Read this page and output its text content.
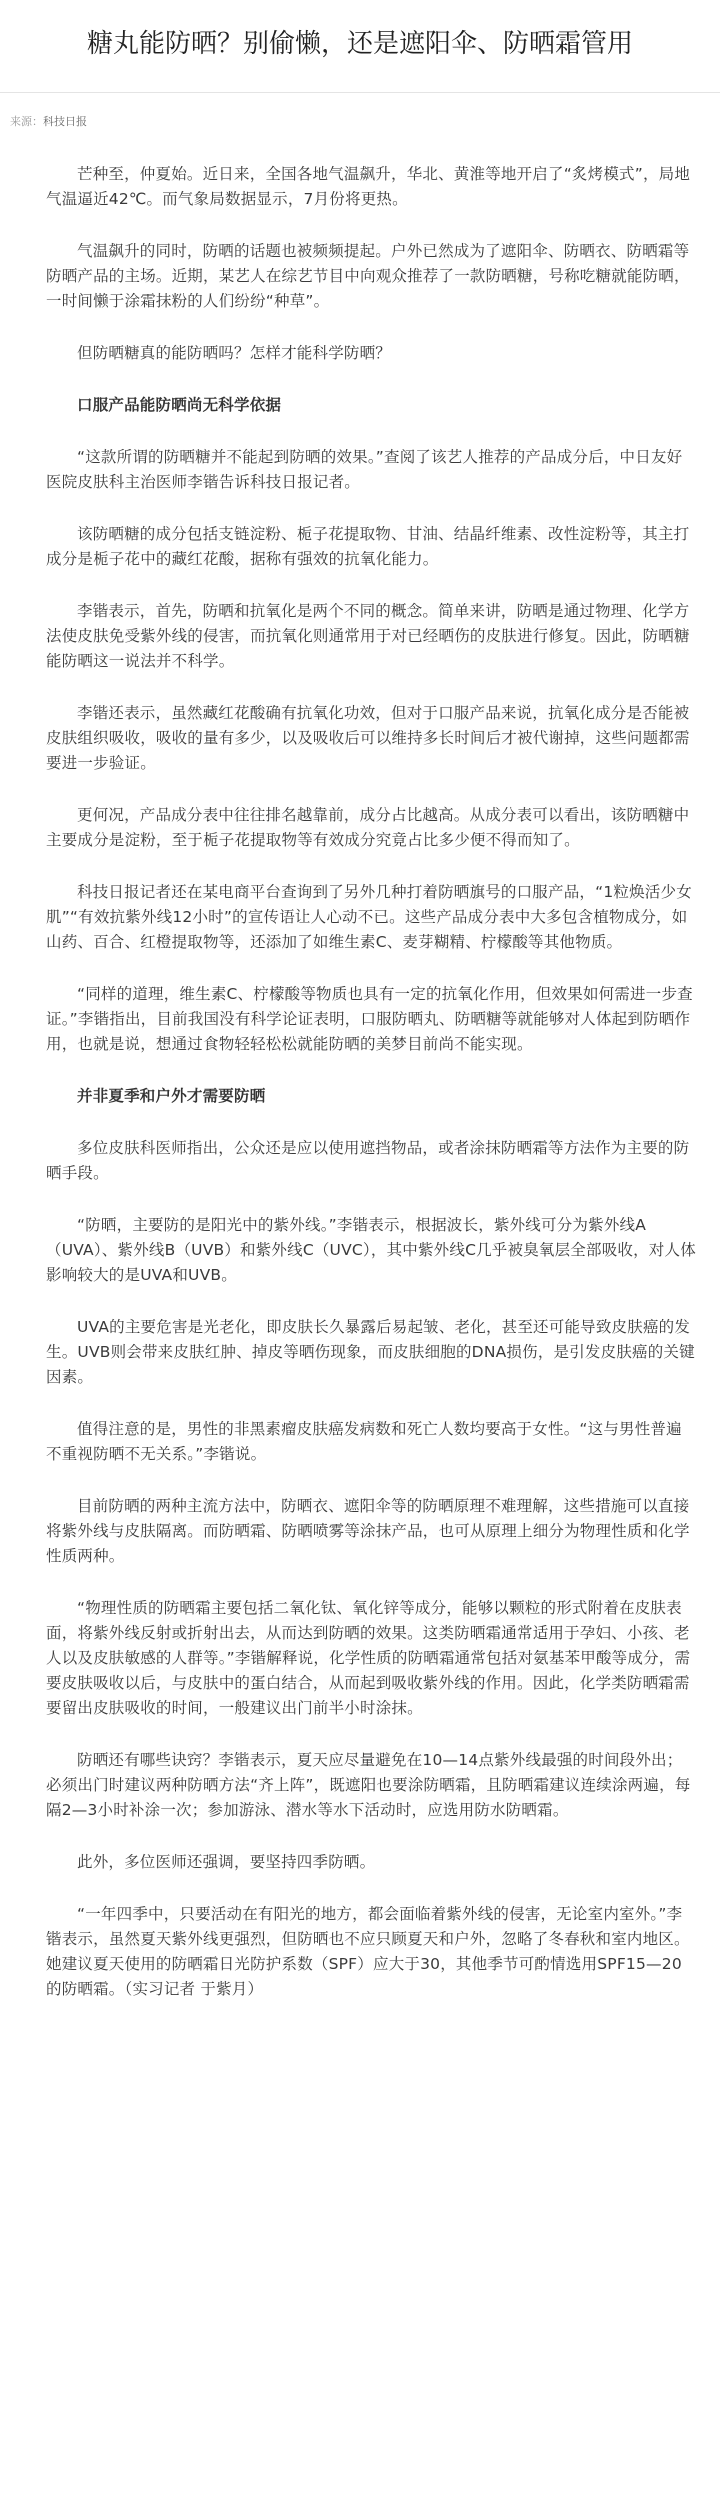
糖丸能防晒？别偷懒，还是遮阳伞、防晒霜管用
来源：科技日报

芒种至，仲夏始。近日来，全国各地气温飙升，华北、黄淮等地开启了“炙烤模式”，局地气温逼近42℃。而气象局数据显示，7月份将更热。

气温飙升的同时，防晒的话题也被频频提起。户外已然成为了遮阳伞、防晒衣、防晒霜等防晒产品的主场。近期，某艺人在综艺节目中向观众推荐了一款防晒糖，号称吃糖就能防晒，一时间懒于涂霜抹粉的人们纷纷“种草”。

但防晒糖真的能防晒吗？怎样才能科学防晒？

口服产品能防晒尚无科学依据

“这款所谓的防晒糖并不能起到防晒的效果。”查阅了该艺人推荐的产品成分后，中日友好医院皮肤科主治医师李锴告诉科技日报记者。

该防晒糖的成分包括支链淀粉、栀子花提取物、甘油、结晶纤维素、改性淀粉等，其主打成分是栀子花中的藏红花酸，据称有强效的抗氧化能力。

李锴表示，首先，防晒和抗氧化是两个不同的概念。简单来讲，防晒是通过物理、化学方法使皮肤免受紫外线的侵害，而抗氧化则通常用于对已经晒伤的皮肤进行修复。因此，防晒糖能防晒这一说法并不科学。

李锴还表示，虽然藏红花酸确有抗氧化功效，但对于口服产品来说，抗氧化成分是否能被皮肤组织吸收，吸收的量有多少，以及吸收后可以维持多长时间后才被代谢掉，这些问题都需要进一步验证。

更何况，产品成分表中往往排名越靠前，成分占比越高。从成分表可以看出，该防晒糖中主要成分是淀粉，至于栀子花提取物等有效成分究竟占比多少便不得而知了。

科技日报记者还在某电商平台查询到了另外几种打着防晒旗号的口服产品，“1粒焕活少女肌”“有效抗紫外线12小时”的宣传语让人心动不已。这些产品成分表中大多包含植物成分，如山药、百合、红橙提取物等，还添加了如维生素C、麦芽糊精、柠檬酸等其他物质。

“同样的道理，维生素C、柠檬酸等物质也具有一定的抗氧化作用，但效果如何需进一步查证。”李锴指出，目前我国没有科学论证表明，口服防晒丸、防晒糖等就能够对人体起到防晒作用，也就是说，想通过食物轻轻松松就能防晒的美梦目前尚不能实现。

并非夏季和户外才需要防晒

多位皮肤科医师指出，公众还是应以使用遮挡物品，或者涂抹防晒霜等方法作为主要的防晒手段。

“防晒，主要防的是阳光中的紫外线。”李锴表示，根据波长，紫外线可分为紫外线A（UVA）、紫外线B（UVB）和紫外线C（UVC），其中紫外线C几乎被臭氧层全部吸收，对人体影响较大的是UVA和UVB。

UVA的主要危害是光老化，即皮肤长久暴露后易起皱、老化，甚至还可能导致皮肤癌的发生。UVB则会带来皮肤红肿、掉皮等晒伤现象，而皮肤细胞的DNA损伤，是引发皮肤癌的关键因素。

值得注意的是，男性的非黑素瘤皮肤癌发病数和死亡人数均要高于女性。“这与男性普遍不重视防晒不无关系。”李锴说。

目前防晒的两种主流方法中，防晒衣、遮阳伞等的防晒原理不难理解，这些措施可以直接将紫外线与皮肤隔离。而防晒霜、防晒喷雾等涂抹产品，也可从原理上细分为物理性质和化学性质两种。

“物理性质的防晒霜主要包括二氧化钛、氧化锌等成分，能够以颗粒的形式附着在皮肤表面，将紫外线反射或折射出去，从而达到防晒的效果。这类防晒霜通常适用于孕妇、小孩、老人以及皮肤敏感的人群等。”李锴解释说，化学性质的防晒霜通常包括对氨基苯甲酸等成分，需要皮肤吸收以后，与皮肤中的蛋白结合，从而起到吸收紫外线的作用。因此，化学类防晒霜需要留出皮肤吸收的时间，一般建议出门前半小时涂抹。

防晒还有哪些诀窍？李锴表示，夏天应尽量避免在10—14点紫外线最强的时间段外出；必须出门时建议两种防晒方法“齐上阵”，既遮阳也要涂防晒霜，且防晒霜建议连续涂两遍，每隔2—3小时补涂一次；参加游泳、潜水等水下活动时，应选用防水防晒霜。

此外，多位医师还强调，要坚持四季防晒。

“一年四季中，只要活动在有阳光的地方，都会面临着紫外线的侵害，无论室内室外。”李锴表示，虽然夏天紫外线更强烈，但防晒也不应只顾夏天和户外，忽略了冬春秋和室内地区。她建议夏天使用的防晒霜日光防护系数（SPF）应大于30，其他季节可酌情选用SPF15—20的防晒霜。（实习记者 于紫月）
